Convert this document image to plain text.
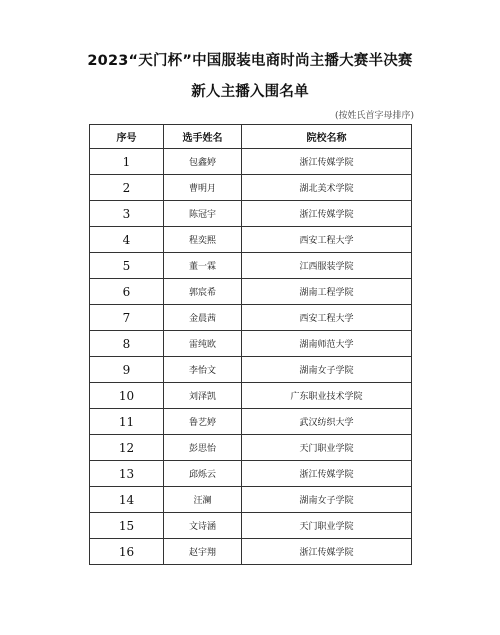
2023“天门杯”中国服装电商时尚主播大赛半决赛
新人主播入围名单
(按姓氏首字母排序)
序号	选手姓名	院校名称
1	包鑫婷	浙江传媒学院
2	曹明月	湖北美术学院
3	陈冠宇	浙江传媒学院
4	程奕熙	西安工程大学
5	董一霖	江西服装学院
6	郭宸希	湖南工程学院
7	金晨茜	西安工程大学
8	雷纯欧	湖南师范大学
9	李怡文	湖南女子学院
10	刘泽凯	广东职业技术学院
11	鲁艺婷	武汉纺织大学
12	彭思怡	天门职业学院
13	邱烁云	浙江传媒学院
14	汪澜	湖南女子学院
15	文诗涵	天门职业学院
16	赵宇翔	浙江传媒学院
